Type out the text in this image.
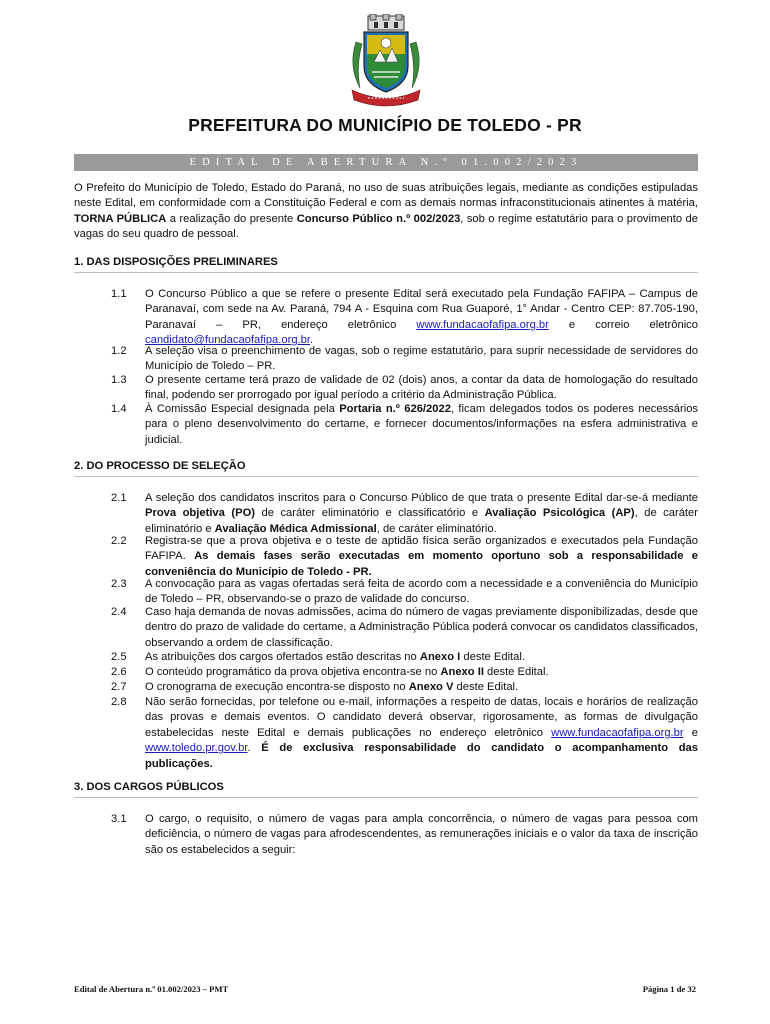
PREFEITURA DO MUNICÍPIO DE TOLEDO - PR
EDITAL DE ABERTURA N.º 01.002/2023

O Prefeito do Município de Toledo, Estado do Paraná, no uso de suas atribuições legais, mediante as condições estipuladas neste Edital, em conformidade com a Constituição Federal e com as demais normas infraconstitucionais atinentes à matéria, TORNA PÚBLICA a realização do presente Concurso Público n.º 002/2023, sob o regime estatutário para o provimento de vagas do seu quadro de pessoal.

1. DAS DISPOSIÇÕES PRELIMINARES
1.1	O Concurso Público a que se refere o presente Edital será executado pela Fundação FAFIPA – Campus de Paranavaí, com sede na Av. Paraná, 794 A - Esquina com Rua Guaporé, 1° Andar - Centro CEP: 87.705-190, Paranavaí – PR, endereço eletrônico www.fundacaofafipa.org.br e correio eletrônico candidato@fundacaofafipa.org.br.
1.2	A seleção visa o preenchimento de vagas, sob o regime estatutário, para suprir necessidade de servidores do Município de Toledo – PR.
1.3	O presente certame terá prazo de validade de 02 (dois) anos, a contar da data de homologação do resultado final, podendo ser prorrogado por igual período a critério da Administração Pública.
1.4	À Comissão Especial designada pela Portaria n.º 626/2022, ficam delegados todos os poderes necessários para o pleno desenvolvimento do certame, e fornecer documentos/informações na esfera administrativa e judicial.
2. DO PROCESSO DE SELEÇÃO
2.1	A seleção dos candidatos inscritos para o Concurso Público de que trata o presente Edital dar-se-á mediante Prova objetiva (PO) de caráter eliminatório e classificatório e Avaliação Psicológica (AP), de caráter eliminatório e Avaliação Médica Admissional, de caráter eliminatório.
2.2	Registra-se que a prova objetiva e o teste de aptidão física serão organizados e executados pela Fundação FAFIPA. As demais fases serão executadas em momento oportuno sob a responsabilidade e conveniência do Município de Toledo - PR.
2.3	A convocação para as vagas ofertadas será feita de acordo com a necessidade e a conveniência do Município de Toledo – PR, observando-se o prazo de validade do concurso.
2.4	Caso haja demanda de novas admissões, acima do número de vagas previamente disponibilizadas, desde que dentro do prazo de validade do certame, a Administração Pública poderá convocar os candidatos classificados, observando a ordem de classificação.
2.5	As atribuições dos cargos ofertados estão descritas no Anexo I deste Edital.
2.6	O conteúdo programático da prova objetiva encontra-se no Anexo II deste Edital.
2.7	O cronograma de execução encontra-se disposto no Anexo V deste Edital.
2.8	Não serão fornecidas, por telefone ou e-mail, informações a respeito de datas, locais e horários de realização das provas e demais eventos. O candidato deverá observar, rigorosamente, as formas de divulgação estabelecidas neste Edital e demais publicações no endereço eletrônico www.fundacaofafipa.org.br e www.toledo.pr.gov.br. É de exclusiva responsabilidade do candidato o acompanhamento das publicações.
3. DOS CARGOS PÚBLICOS
3.1	O cargo, o requisito, o número de vagas para ampla concorrência, o número de vagas para pessoa com deficiência, o número de vagas para afrodescendentes, as remunerações iniciais e o valor da taxa de inscrição são os estabelecidos a seguir:
Edital de Abertura n.º 01.002/2023 – PMT	Página 1 de 32
